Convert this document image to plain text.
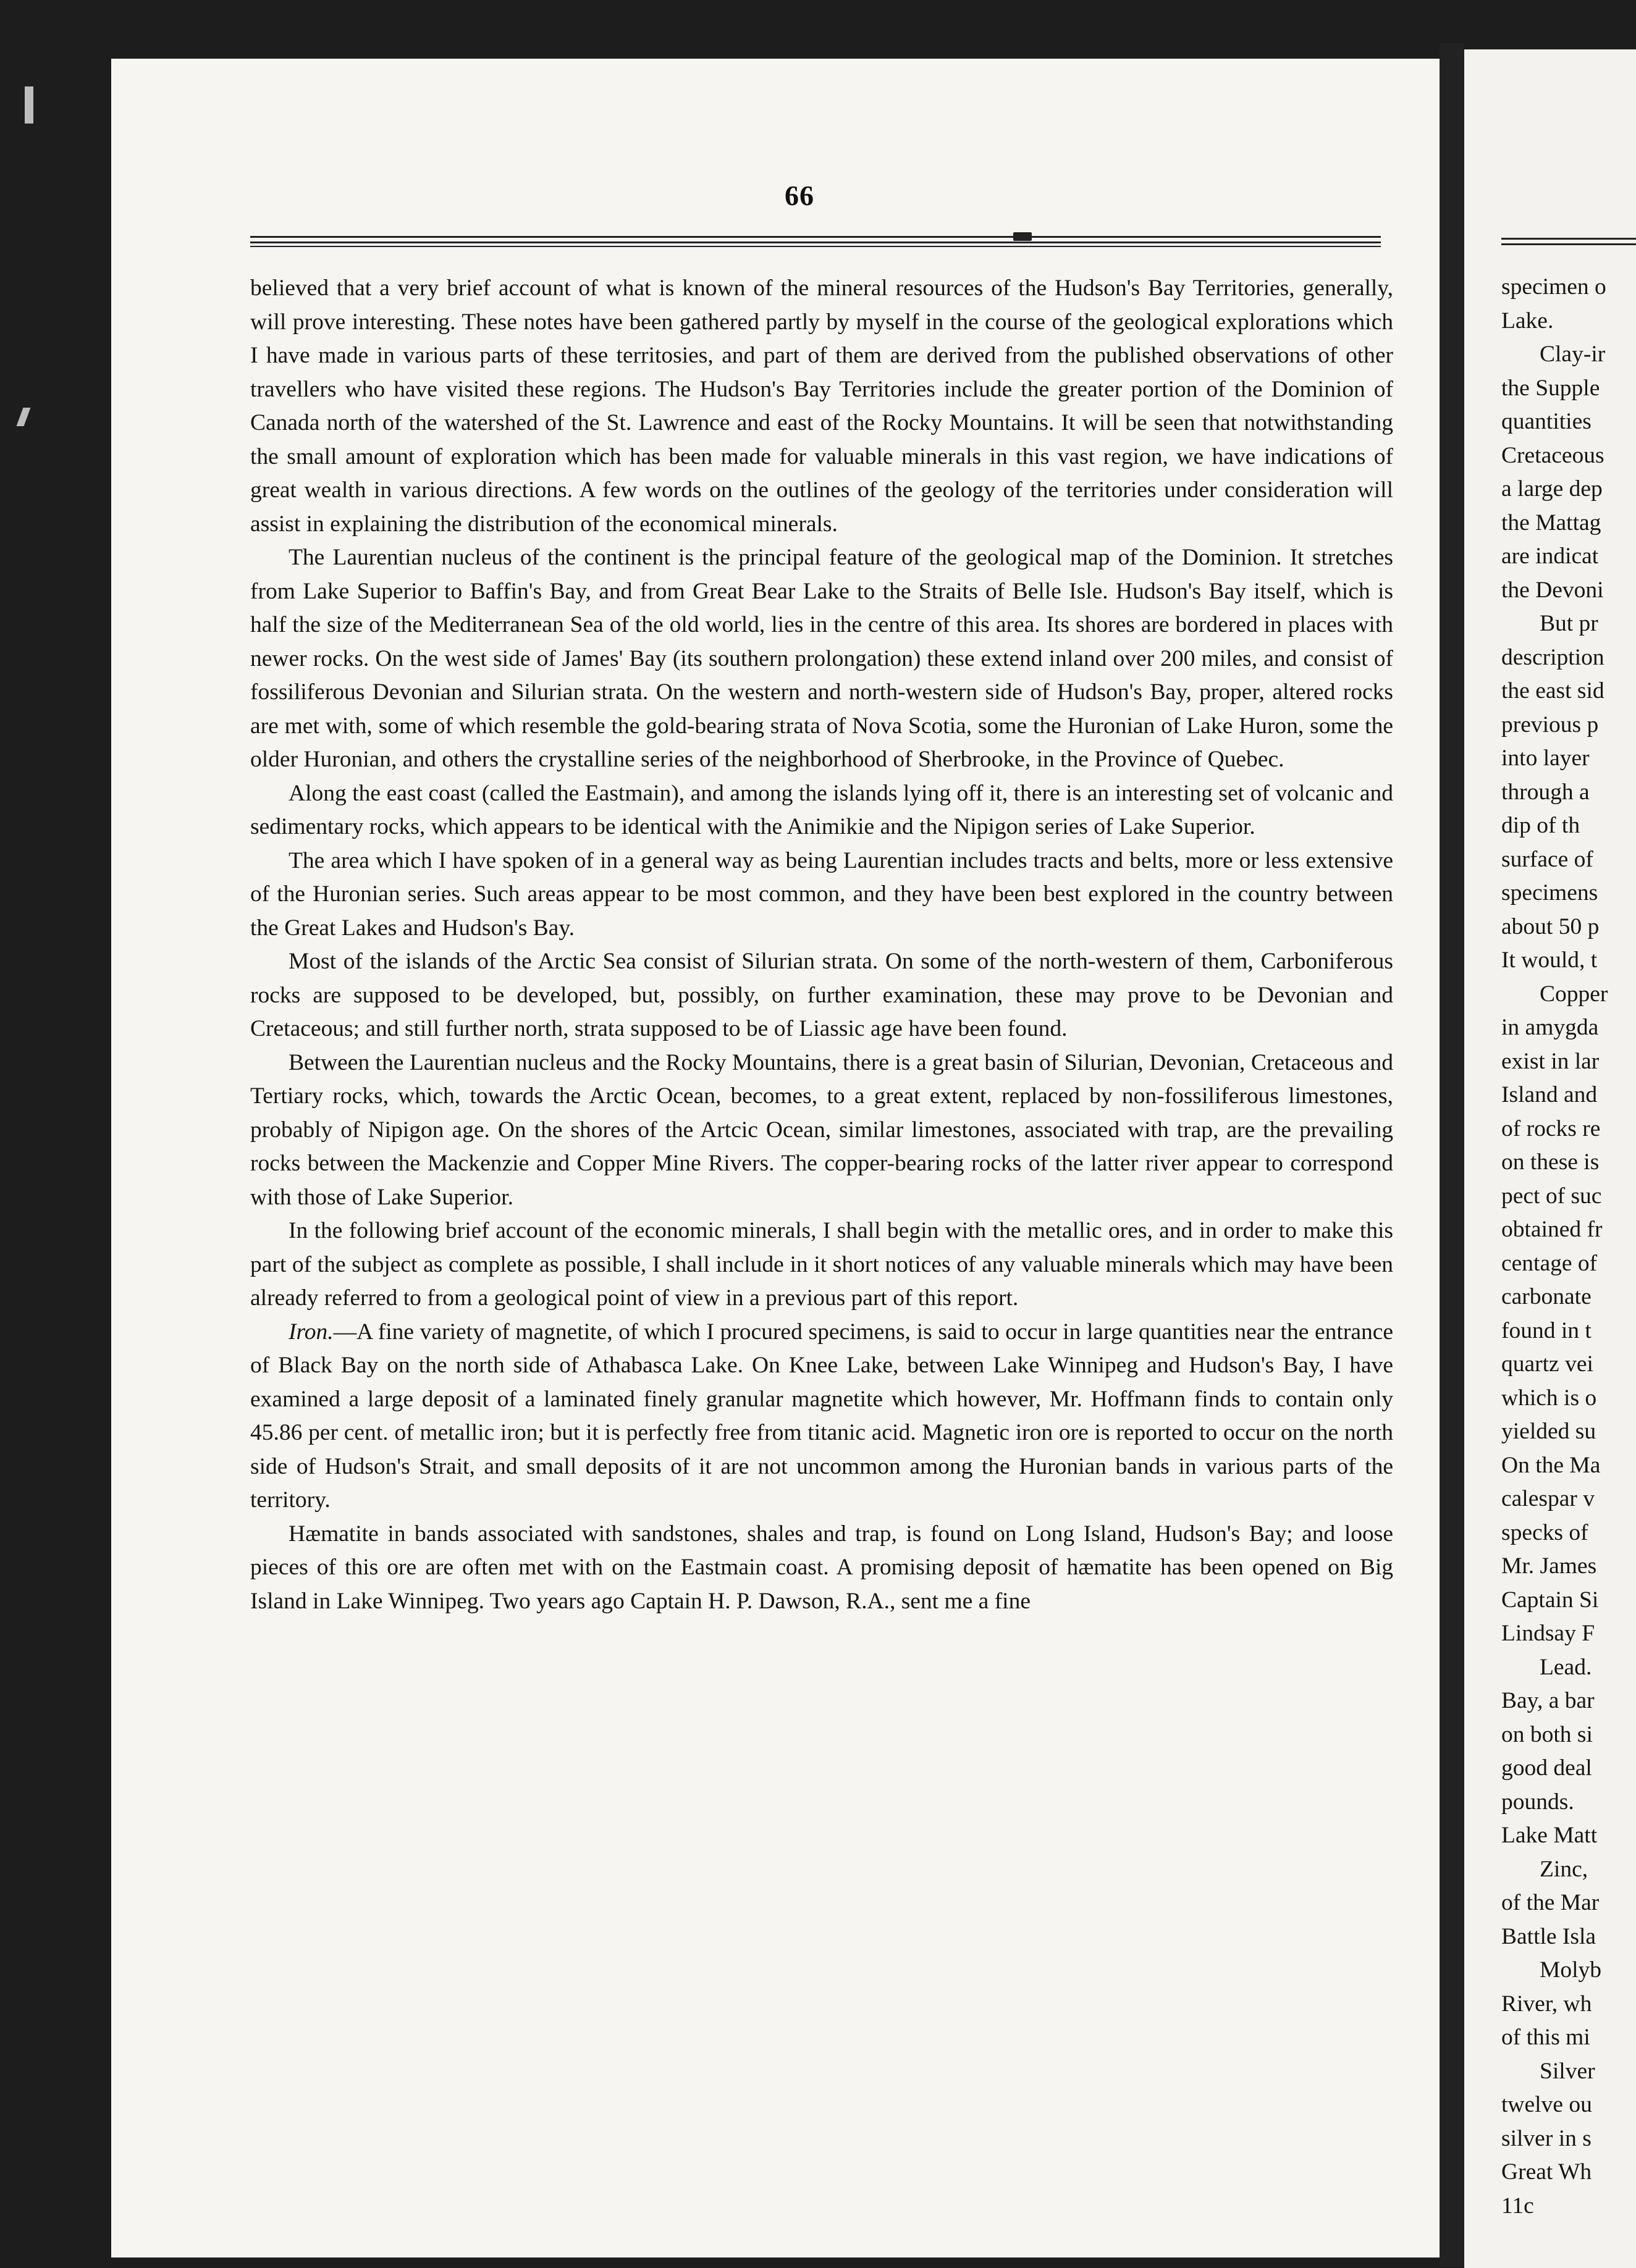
66

believed that a very brief account of what is known of the mineral resources of the Hudson's Bay Territories, generally, will prove interesting. These notes have been gathered partly by myself in the course of the geological explorations which I have made in various parts of these territosies, and part of them are derived from the published observations of other travellers who have visited these regions. The Hudson's Bay Territories include the greater portion of the Dominion of Canada north of the watershed of the St. Lawrence and east of the Rocky Mountains. It will be seen that notwithstanding the small amount of exploration which has been made for valuable minerals in this vast region, we have indications of great wealth in various directions. A few words on the outlines of the geology of the territories under consideration will assist in explaining the distribution of the economical minerals.

The Laurentian nucleus of the continent is the principal feature of the geological map of the Dominion. It stretches from Lake Superior to Baffin's Bay, and from Great Bear Lake to the Straits of Belle Isle. Hudson's Bay itself, which is half the size of the Mediterranean Sea of the old world, lies in the centre of this area. Its shores are bordered in places with newer rocks. On the west side of James' Bay (its southern prolongation) these extend inland over 200 miles, and consist of fossiliferous Devonian and Silurian strata. On the western and north-western side of Hudson's Bay, proper, altered rocks are met with, some of which resemble the gold-bearing strata of Nova Scotia, some the Huronian of Lake Huron, some the older Huronian, and others the crystalline series of the neighborhood of Sherbrooke, in the Province of Quebec.

Along the east coast (called the Eastmain), and among the islands lying off it, there is an interesting set of volcanic and sedimentary rocks, which appears to be identical with the Animikie and the Nipigon series of Lake Superior.

The area which I have spoken of in a general way as being Laurentian includes tracts and belts, more or less extensive of the Huronian series. Such areas appear to be most common, and they have been best explored in the country between the Great Lakes and Hudson's Bay.

Most of the islands of the Arctic Sea consist of Silurian strata. On some of the north-western of them, Carboniferous rocks are supposed to be developed, but, possibly, on further examination, these may prove to be Devonian and Cretaceous; and still further north, strata supposed to be of Liassic age have been found.

Between the Laurentian nucleus and the Rocky Mountains, there is a great basin of Silurian, Devonian, Cretaceous and Tertiary rocks, which, towards the Arctic Ocean, becomes, to a great extent, replaced by non-fossiliferous limestones, probably of Nipigon age. On the shores of the Artcic Ocean, similar limestones, associated with trap, are the prevailing rocks between the Mackenzie and Copper Mine Rivers. The copper-bearing rocks of the latter river appear to correspond with those of Lake Superior.

In the following brief account of the economic minerals, I shall begin with the metallic ores, and in order to make this part of the subject as complete as possible, I shall include in it short notices of any valuable minerals which may have been already referred to from a geological point of view in a previous part of this report.

Iron.—A fine variety of magnetite, of which I procured specimens, is said to occur in large quantities near the entrance of Black Bay on the north side of Athabasca Lake. On Knee Lake, between Lake Winnipeg and Hudson's Bay, I have examined a large deposit of a laminated finely granular magnetite which however, Mr. Hoffmann finds to contain only 45.86 per cent. of metallic iron; but it is perfectly free from titanic acid. Magnetic iron ore is reported to occur on the north side of Hudson's Strait, and small deposits of it are not uncommon among the Huronian bands in various parts of the territory.

Hæmatite in bands associated with sandstones, shales and trap, is found on Long Island, Hudson's Bay; and loose pieces of this ore are often met with on the Eastmain coast. A promising deposit of hæmatite has been opened on Big Island in Lake Winnipeg. Two years ago Captain H. P. Dawson, R.A., sent me a fine

specimen o
Lake.
Clay-ir
the Supple
quantities
Cretaceous
a large dep
the Mattag
are indicat
the Devoni
But pr
description
the east sid
previous p
into layer
through a
dip of th
surface of
specimens
about 50 p
It would, t
Copper
in amygda
exist in lar
Island and
of rocks re
on these is
pect of suc
obtained fr
centage of
carbonate
found in t
quartz vei
which is o
yielded su
On the Ma
calespar v
specks of
Mr. James
Captain Si
Lindsay F
Lead.
Bay, a bar
on both si
good deal
pounds.
Lake Matt
Zinc,
of the Mar
Battle Isla
Molyb
River, wh
of this mi
Silver
twelve ou
silver in s
Great Wh
11c
